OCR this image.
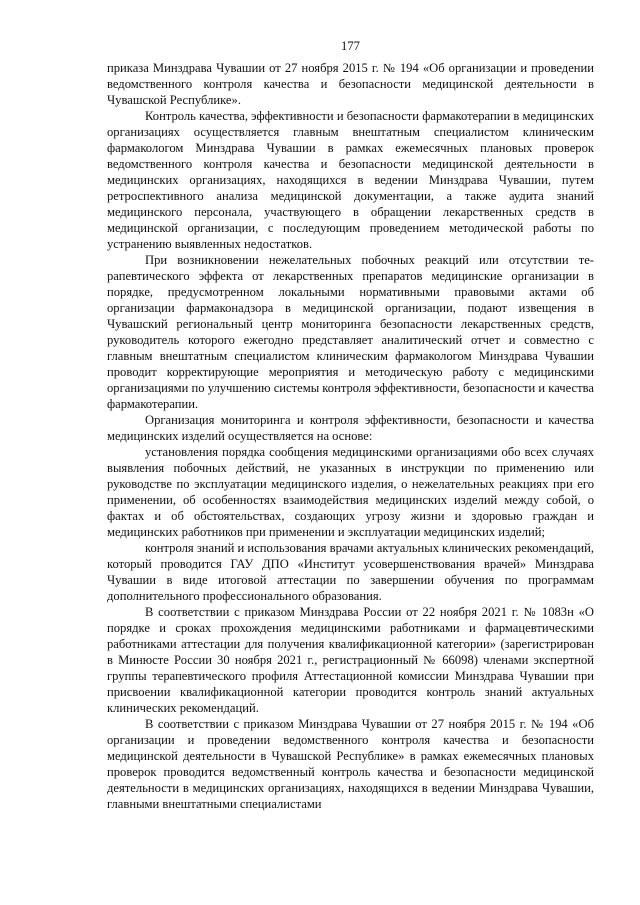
177

приказа Минздрава Чувашии от 27 ноября 2015 г. № 194 «Об организации и проведении ведомственного контроля качества и безопасности медицинской деятельности в Чувашской Республике».

Контроль качества, эффективности и безопасности фармакотерапии в медицинских организациях осуществляется главным внештатным специалистом клиническим фармакологом Минздрава Чувашии в рамках ежемесячных плановых проверок ведомственного контроля качества и безопасности медицинской деятельности в медицинских организациях, находящихся в ведении Минздрава Чувашии, путем ретроспективного анализа медицинской документации, а также аудита знаний медицинского персонала, участвующего в обращении лекарственных средств в медицинской организации, с последующим проведением методической работы по устранению выявленных недостатков.

При возникновении нежелательных побочных реакций или отсутствии терапевтического эффекта от лекарственных препаратов медицинские организации в порядке, предусмотренном локальными нормативными правовыми актами об организации фармаконадзора в медицинской организации, подают извещения в Чувашский региональный центр мониторинга безопасности лекарственных средств, руководитель которого ежегодно представляет аналитический отчет и совместно с главным внештатным специалистом клиническим фармакологом Минздрава Чувашии проводит корректирующие мероприятия и методическую работу с медицинскими организациями по улучшению системы контроля эффективности, безопасности и качества фармакотерапии.

Организация мониторинга и контроля эффективности, безопасности и качества медицинских изделий осуществляется на основе:

установления порядка сообщения медицинскими организациями обо всех случаях выявления побочных действий, не указанных в инструкции по применению или руководстве по эксплуатации медицинского изделия, о нежелательных реакциях при его применении, об особенностях взаимодействия медицинских изделий между собой, о фактах и об обстоятельствах, создающих угрозу жизни и здоровью граждан и медицинских работников при применении и эксплуатации медицинских изделий;

контроля знаний и использования врачами актуальных клинических рекомендаций, который проводится ГАУ ДПО «Институт усовершенствования врачей» Минздрава Чувашии в виде итоговой аттестации по завершении обучения по программам дополнительного профессионального образования.

В соответствии с приказом Минздрава России от 22 ноября 2021 г. № 1083н «О порядке и сроках прохождения медицинскими работниками и фармацевтическими работниками аттестации для получения квалификационной категории» (зарегистрирован в Минюсте России 30 ноября 2021 г., регистрационный № 66098) членами экспертной группы терапевтического профиля Аттестационной комиссии Минздрава Чувашии при присвоении квалификационной категории проводится контроль знаний актуальных клинических рекомендаций.

В соответствии с приказом Минздрава Чувашии от 27 ноября 2015 г. № 194 «Об организации и проведении ведомственного контроля качества и безопасности медицинской деятельности в Чувашской Республике» в рамках ежемесячных плановых проверок проводится ведомственный контроль качества и безопасности медицинской деятельности в медицинских организациях, находящихся в ведении Минздрава Чувашии, главными внештатными специалистами
